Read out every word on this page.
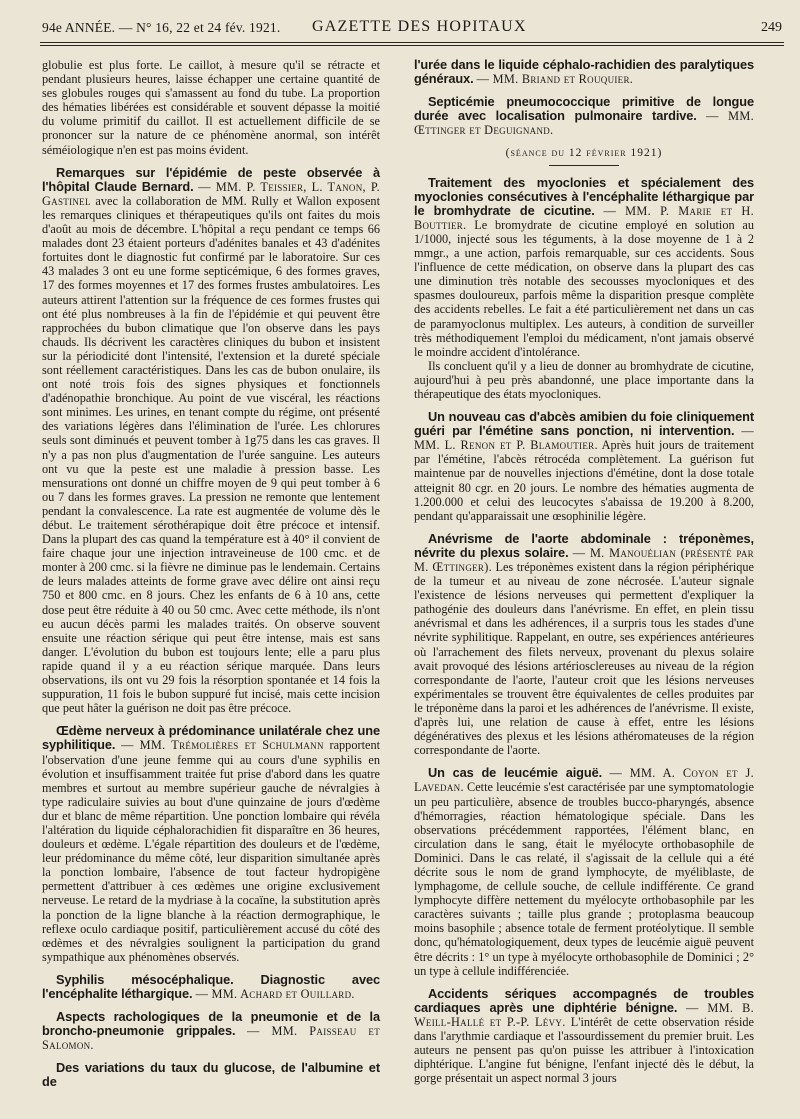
94e ANNÉE. — N° 16, 22 et 24 fév. 1921. GAZETTE DES HOPITAUX	249

globulie est plus forte. Le caillot, à mesure qu'il se rétracte et pendant plusieurs heures, laisse échapper une certaine quantité de ses globules rouges qui s'amassent au fond du tube. La proportion des hématies libérées est considérable et souvent dépasse la moitié du volume primitif du caillot. Il est actuellement difficile de se prononcer sur la nature de ce phénomène anormal, son intérêt séméiologique n'en est pas moins évident.

Remarques sur l'épidémie de peste observée à l'hôpital Claude Bernard. — MM. P. Teissier, L. Tanon, P. Gastinel avec la collaboration de MM. Rully et Wallon exposent les remarques cliniques et thérapeutiques qu'ils ont faites du mois d'août au mois de décembre. L'hôpital a reçu pendant ce temps 66 malades dont 23 étaient porteurs d'adénites banales et 43 d'adénites fortuites dont le diagnostic fut confirmé par le laboratoire. Sur ces 43 malades 3 ont eu une forme septicémique, 6 des formes graves, 17 des formes moyennes et 17 des formes frustes ambulatoires. Les auteurs attirent l'attention sur la fréquence de ces formes frustes qui ont été plus nombreuses à la fin de l'épidémie et qui peuvent être rapprochées du bubon climatique que l'on observe dans les pays chauds. Ils décrivent les caractères cliniques du bubon et insistent sur la périodicité dont l'intensité, l'extension et la dureté spéciale sont réellement caractéristiques. Dans les cas de bubon onulaire, ils ont noté trois fois des signes physiques et fonctionnels d'adénopathie bronchique. Au point de vue viscéral, les réactions sont minimes. Les urines, en tenant compte du régime, ont présenté des variations légères dans l'élimination de l'urée. Les chlorures seuls sont diminués et peuvent tomber à 1g75 dans les cas graves. Il n'y a pas non plus d'augmentation de l'urée sanguine. Les auteurs ont vu que la peste est une maladie à pression basse. Les mensurations ont donné un chiffre moyen de 9 qui peut tomber à 6 ou 7 dans les formes graves. La pression ne remonte que lentement pendant la convalescence. La rate est augmentée de volume dès le début. Le traitement sérothérapique doit être précoce et intensif. Dans la plupart des cas quand la température est à 40° il convient de faire chaque jour une injection intraveineuse de 100 cmc. et de monter à 200 cmc. si la fièvre ne diminue pas le lendemain. Certains de leurs malades atteints de forme grave avec délire ont ainsi reçu 750 et 800 cmc. en 8 jours. Chez les enfants de 6 à 10 ans, cette dose peut être réduite à 40 ou 50 cmc. Avec cette méthode, ils n'ont eu aucun décès parmi les malades traités. On observe souvent ensuite une réaction sérique qui peut être intense, mais est sans danger. L'évolution du bubon est toujours lente; elle a paru plus rapide quand il y a eu réaction sérique marquée. Dans leurs observations, ils ont vu 29 fois la résorption spontanée et 14 fois la suppuration, 11 fois le bubon suppuré fut incisé, mais cette incision que peut hâter la guérison ne doit pas être précoce.

Œdème nerveux à prédominance unilatérale chez une syphilitique. — MM. Trémolières et Schulmann rapportent l'observation d'une jeune femme qui au cours d'une syphilis en évolution et insuffisamment traitée fut prise d'abord dans les quatre membres et surtout au membre supérieur gauche de névralgies à type radiculaire suivies au bout d'une quinzaine de jours d'œdème dur et blanc de même répartition. Une ponction lombaire qui révéla l'altération du liquide céphalorachidien fit disparaître en 36 heures, douleurs et œdème. L'égale répartition des douleurs et de l'œdème, leur prédominance du même côté, leur disparition simultanée après la ponction lombaire, l'absence de tout facteur hydropigène permettent d'attribuer à ces œdèmes une origine exclusivement nerveuse. Le retard de la mydriase à la cocaïne, la substitution après la ponction de la ligne blanche à la réaction dermographique, le reflexe oculo cardiaque positif, particulièrement accusé du côté des œdèmes et des névralgies soulignent la participation du grand sympathique aux phénomènes observés.

Syphilis mésocéphalique. Diagnostic avec l'encéphalite léthargique. — MM. Achard et Ouillard.

Aspects rachologiques de la pneumonie et de la broncho-pneumonie grippales. — MM. Paisseau et Salomon.

Des variations du taux du glucose, de l'albumine et de

l'urée dans le liquide céphalo-rachidien des paralytiques généraux. — MM. Briand et Rouquier.

Septicémie pneumococcique primitive de longue durée avec localisation pulmonaire tardive. — MM. Œttinger et Deguignand.

(séance du 12 février 1921)

Traitement des myoclonies et spécialement des myoclonies consécutives à l'encéphalite léthargique par le bromhydrate de cicutine. — MM. P. Marie et H. Bouttier. Le bromydrate de cicutine employé en solution au 1/1000, injecté sous les téguments, à la dose moyenne de 1 à 2 mmgr., a une action, parfois remarquable, sur ces accidents. Sous l'influence de cette médication, on observe dans la plupart des cas une diminution très notable des secousses myocloniques et des spasmes douloureux, parfois même la disparition presque complète des accidents rebelles. Le fait a été particulièrement net dans un cas de paramyoclonus multiplex. Les auteurs, à condition de surveiller très méthodiquement l'emploi du médicament, n'ont jamais observé le moindre accident d'intolérance.

Ils concluent qu'il y a lieu de donner au bromhydrate de cicutine, aujourd'hui à peu près abandonné, une place importante dans la thérapeutique des états myocloniques.

Un nouveau cas d'abcès amibien du foie cliniquement guéri par l'émétine sans ponction, ni intervention. — MM. L. Renon et P. Blamoutier. Après huit jours de traitement par l'émétine, l'abcès rétrocéda complètement. La guérison fut maintenue par de nouvelles injections d'émétine, dont la dose totale atteignit 80 cgr. en 20 jours. Le nombre des hématies augmenta de 1.200.000 et celui des leucocytes s'abaissa de 19.200 à 8.200, pendant qu'apparaissait une œsophinilie légère.

Anévrisme de l'aorte abdominale : tréponèmes, névrite du plexus solaire. — M. Manouélian (présenté par M. Œttinger). Les tréponèmes existent dans la région périphérique de la tumeur et au niveau de zone nécrosée. L'auteur signale l'existence de lésions nerveuses qui permettent d'expliquer la pathogénie des douleurs dans l'anévrisme. En effet, en plein tissu anévrismal et dans les adhérences, il a surpris tous les stades d'une névrite syphilitique. Rappelant, en outre, ses expériences antérieures où l'arrachement des filets nerveux, provenant du plexus solaire avait provoqué des lésions artériosclereuses au niveau de la région correspondante de l'aorte, l'auteur croit que les lésions nerveuses expérimentales se trouvent être équivalentes de celles produites par le tréponème dans la paroi et les adhérences de l'anévrisme. Il existe, d'après lui, une relation de cause à effet, entre les lésions dégénératives des plexus et les lésions athéromateuses de la région correspondante de l'aorte.

Un cas de leucémie aiguë. — MM. A. Coyon et J. Lavedan. Cette leucémie s'est caractérisée par une symptomatologie un peu particulière, absence de troubles bucco-pharyngés, absence d'hémorragies, réaction hématologique spéciale. Dans les observations précédemment rapportées, l'élément blanc, en circulation dans le sang, était le myélocyte orthobasophile de Dominici. Dans le cas relaté, il s'agissait de la cellule qui a été décrite sous le nom de grand lymphocyte, de myéliblaste, de lymphagome, de cellule souche, de cellule indifférente. Ce grand lymphocyte diffère nettement du myélocyte orthobasophile par les caractères suivants ; taille plus grande ; protoplasma beaucoup moins basophile ; absence totale de ferment protéolytique. Il semble donc, qu'hématologiquement, deux types de leucémie aiguë peuvent être décrits : 1° un type à myélocyte orthobasophile de Dominici ; 2° un type à cellule indifférenciée.

Accidents sériques accompagnés de troubles cardiaques après une diphtérie bénigne. — MM. B. Weill-Hallé et P.-P. Lévy. L'intérêt de cette observation réside dans l'arythmie cardiaque et l'assourdissement du premier bruit. Les auteurs ne pensent pas qu'on puisse les attribuer à l'intoxication diphtérique. L'angine fut bénigne, l'enfant injecté dès le début, la gorge présentait un aspect normal 3 jours
